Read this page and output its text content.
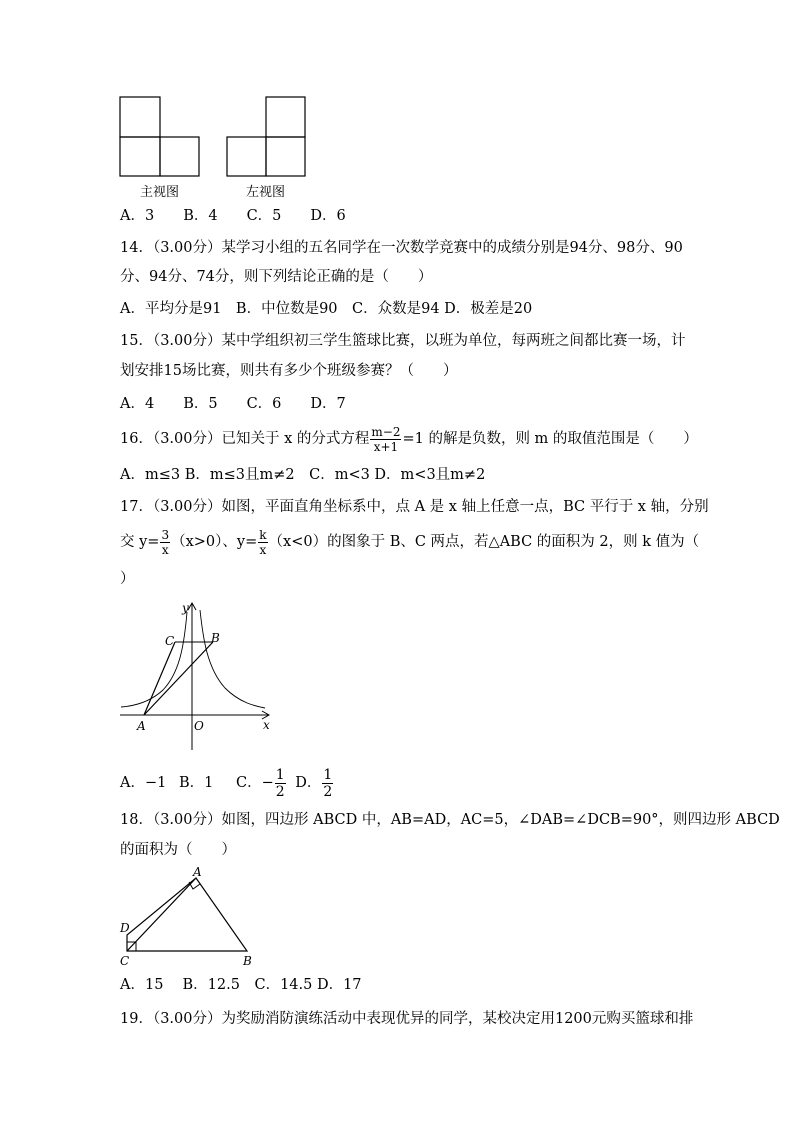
主视图	左视图
A．3　　B．4　　C．5　　D．6
14．（3.00分）某学习小组的五名同学在一次数学竞赛中的成绩分别是94分、98分、90
分、94分、74分，则下列结论正确的是（　　）
A．平均分是91　B．中位数是90　C．众数是94 D．极差是20
15．（3.00分）某中学组织初三学生篮球比赛，以班为单位，每两班之间都比赛一场，计
划安排15场比赛，则共有多少个班级参赛？（　　）
A．4　　B．5　　C．6　　D．7
16．（3.00分）已知关于 x 的分式方程 $\frac{m-2}{x+1} =1$ 的解是负数，则 m 的取值范围是（　　）
A．m≤3 B．m≤3且m≠2　C．m<3 D．m<3且m≠2
17．（3.00分）如图，平面直角坐标系中，点 A 是 x 轴上任意一点，BC 平行于 x 轴，分别
交 $y= \frac{3}{x} (x>0)$、$y= \frac{k}{x} (x<0)$的图象于 B、C 两点，若△ABC 的面积为 2，则 k 值为（
）
y
x
C	B
A	O
A．−1 B．1 C．− $\frac{1}{2}$ D． $\frac{1}{2}$
18．（3.00分）如图，四边形 ABCD 中，AB=AD，AC=5，∠DAB=∠DCB=90°，则四边形 ABCD
的面积为（　　）
A
B
C
D
A．15　 B．12.5　C．14.5 D．17
19．（3.00分）为奖励消防演练活动中表现优异的同学，某校决定用1200元购买篮球和排
